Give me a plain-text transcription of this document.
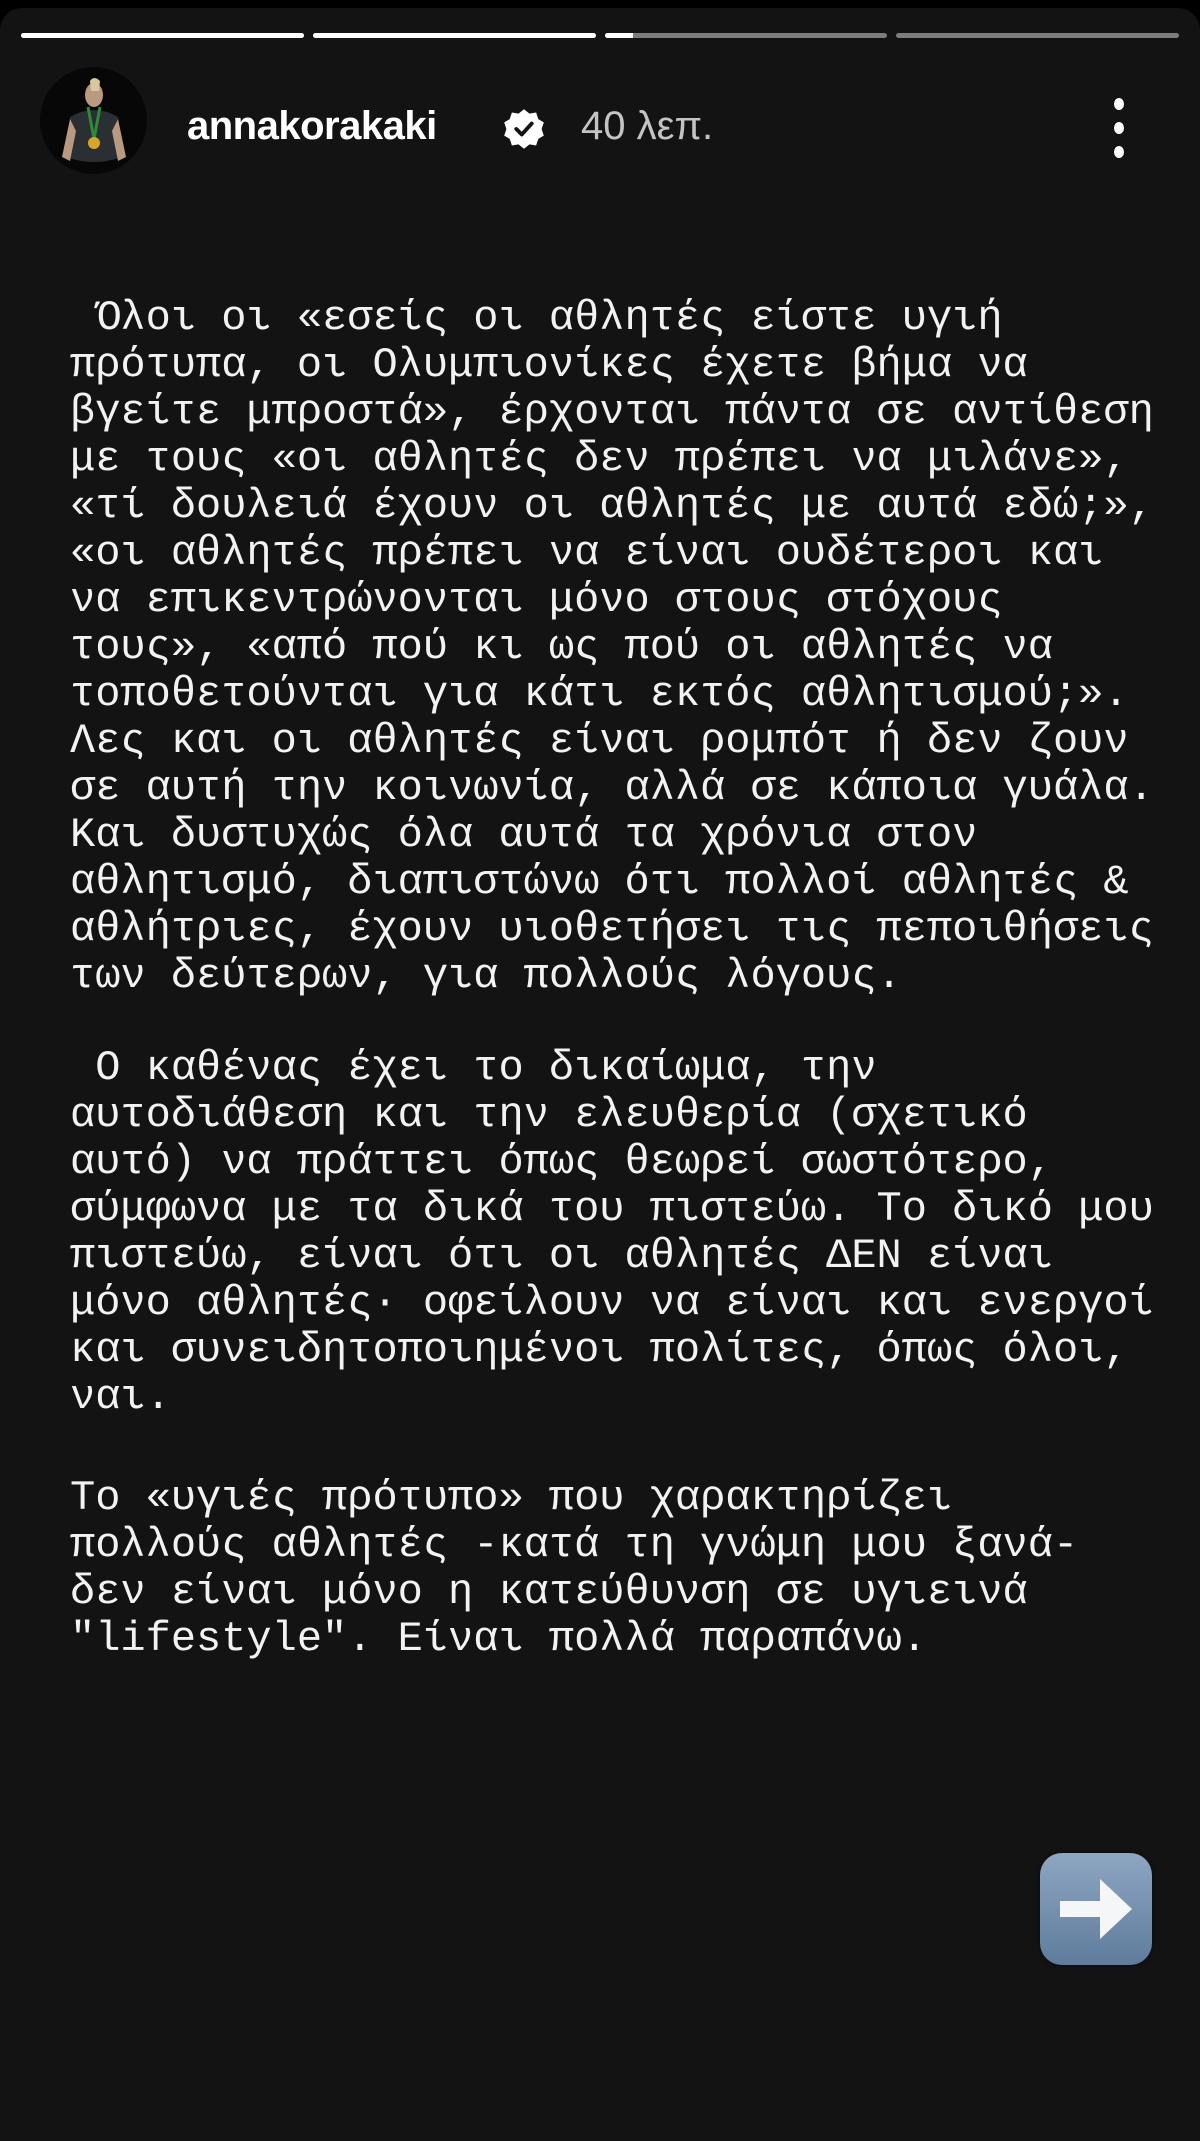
annakorakaki	40 λεπ.
Όλοι οι «εσείς οι αθλητές είστε υγιή
πρότυπα, οι Ολυμπιονίκες έχετε βήμα να
βγείτε μπροστά», έρχονται πάντα σε αντίθεση
με τους «οι αθλητές δεν πρέπει να μιλάνε»,
«τί δουλειά έχουν οι αθλητές με αυτά εδώ;»,
«οι αθλητές πρέπει να είναι ουδέτεροι και
να επικεντρώνονται μόνο στους στόχους
τους», «από πού κι ως πού οι αθλητές να
τοποθετούνται για κάτι εκτός αθλητισμού;».
Λες και οι αθλητές είναι ρομπότ ή δεν ζουν
σε αυτή την κοινωνία, αλλά σε κάποια γυάλα.
Και δυστυχώς όλα αυτά τα χρόνια στον
αθλητισμό, διαπιστώνω ότι πολλοί αθλητές &
αθλήτριες, έχουν υιοθετήσει τις πεποιθήσεις
των δεύτερων, για πολλούς λόγους.
Ο καθένας έχει το δικαίωμα, την
αυτοδιάθεση και την ελευθερία (σχετικό
αυτό) να πράττει όπως θεωρεί σωστότερο,
σύμφωνα με τα δικά του πιστεύω. Το δικό μου
πιστεύω, είναι ότι οι αθλητές ΔΕΝ είναι
μόνο αθλητές· οφείλουν να είναι και ενεργοί
και συνειδητοποιημένοι πολίτες, όπως όλοι,
ναι.
Το «υγιές πρότυπο» που χαρακτηρίζει
πολλούς αθλητές -κατά τη γνώμη μου ξανά-
δεν είναι μόνο η κατεύθυνση σε υγιεινά
"lifestyle". Είναι πολλά παραπάνω.
